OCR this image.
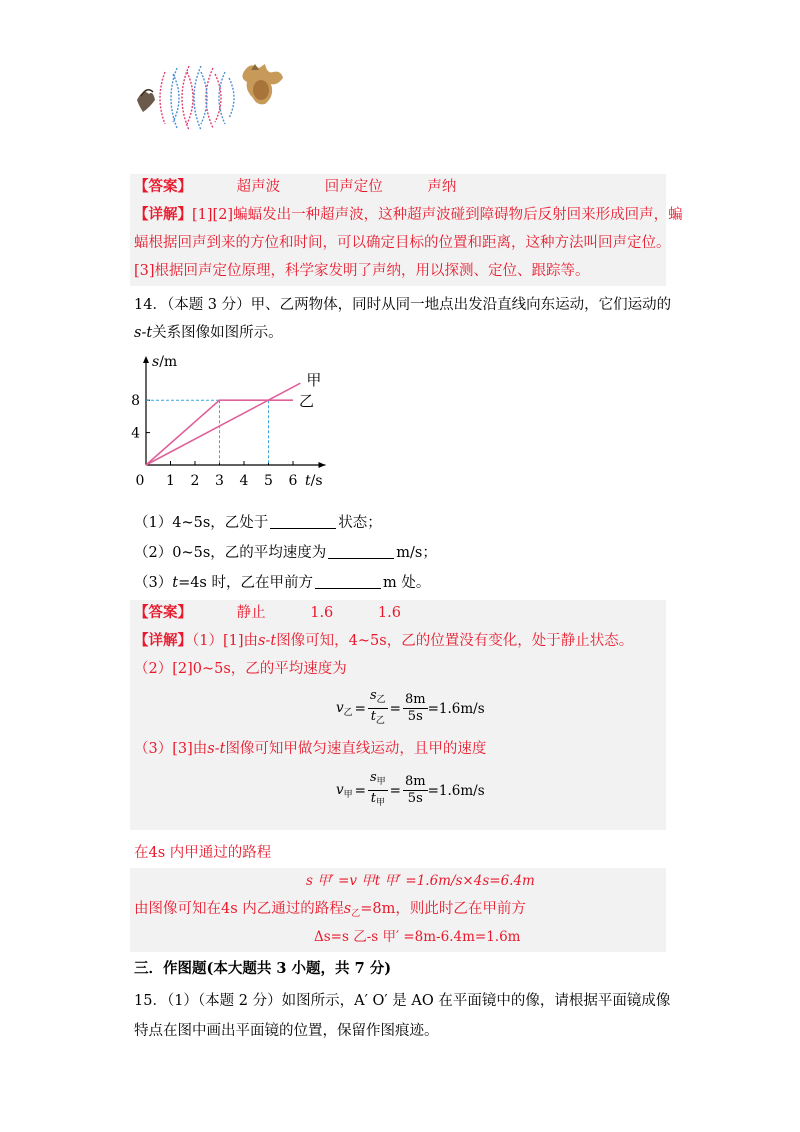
【答案】	超声波	回声定位	声纳
【详解】[1][2]蝙蝠发出一种超声波，这种超声波碰到障碍物后反射回来形成回声，蝙
蝠根据回声到来的方位和时间，可以确定目标的位置和距离，这种方法叫回声定位。
[3]根据回声定位原理，科学家发明了声纳，用以探测、定位、跟踪等。
14．（本题 3 分）甲、乙两物体，同时从同一地点出发沿直线向东运动，它们运动的
s-t关系图像如图所示。
s/m
t/s
0 1 2 3 4 5 6
4
8
甲
乙
（1）4~5s，乙处于	状态；
（2）0~5s，乙的平均速度为	m/s；
（3）t=4s 时，乙在甲前方	m 处。
【答案】	静止	1.6	1.6
【详解】（1）[1]由s-t图像可知，4~5s，乙的位置没有变化，处于静止状态。
（2）[2]0~5s，乙的平均速度为
$v_乙 = \frac{s_乙}{t_乙} = \frac{8m}{5s} =1.6m/s$
（3）[3]由s-t图像可知甲做匀速直线运动，且甲的速度
$v_甲 = \frac{s_甲}{t_甲} = \frac{8m}{5s} =1.6m/s$
在4s 内甲通过的路程
s 甲′ =v 甲t 甲′ =1.6m/s×4s=6.4m
由图像可知在4s 内乙通过的路程$s_乙=8m$，则此时乙在甲前方
Δs=s 乙-s 甲′ =8m-6.4m=1.6m
三．作图题(本大题共 3 小题，共 7 分)
15．（1）（本题 2 分）如图所示，A′ O′ 是 AO 在平面镜中的像，请根据平面镜成像
特点在图中画出平面镜的位置，保留作图痕迹。
